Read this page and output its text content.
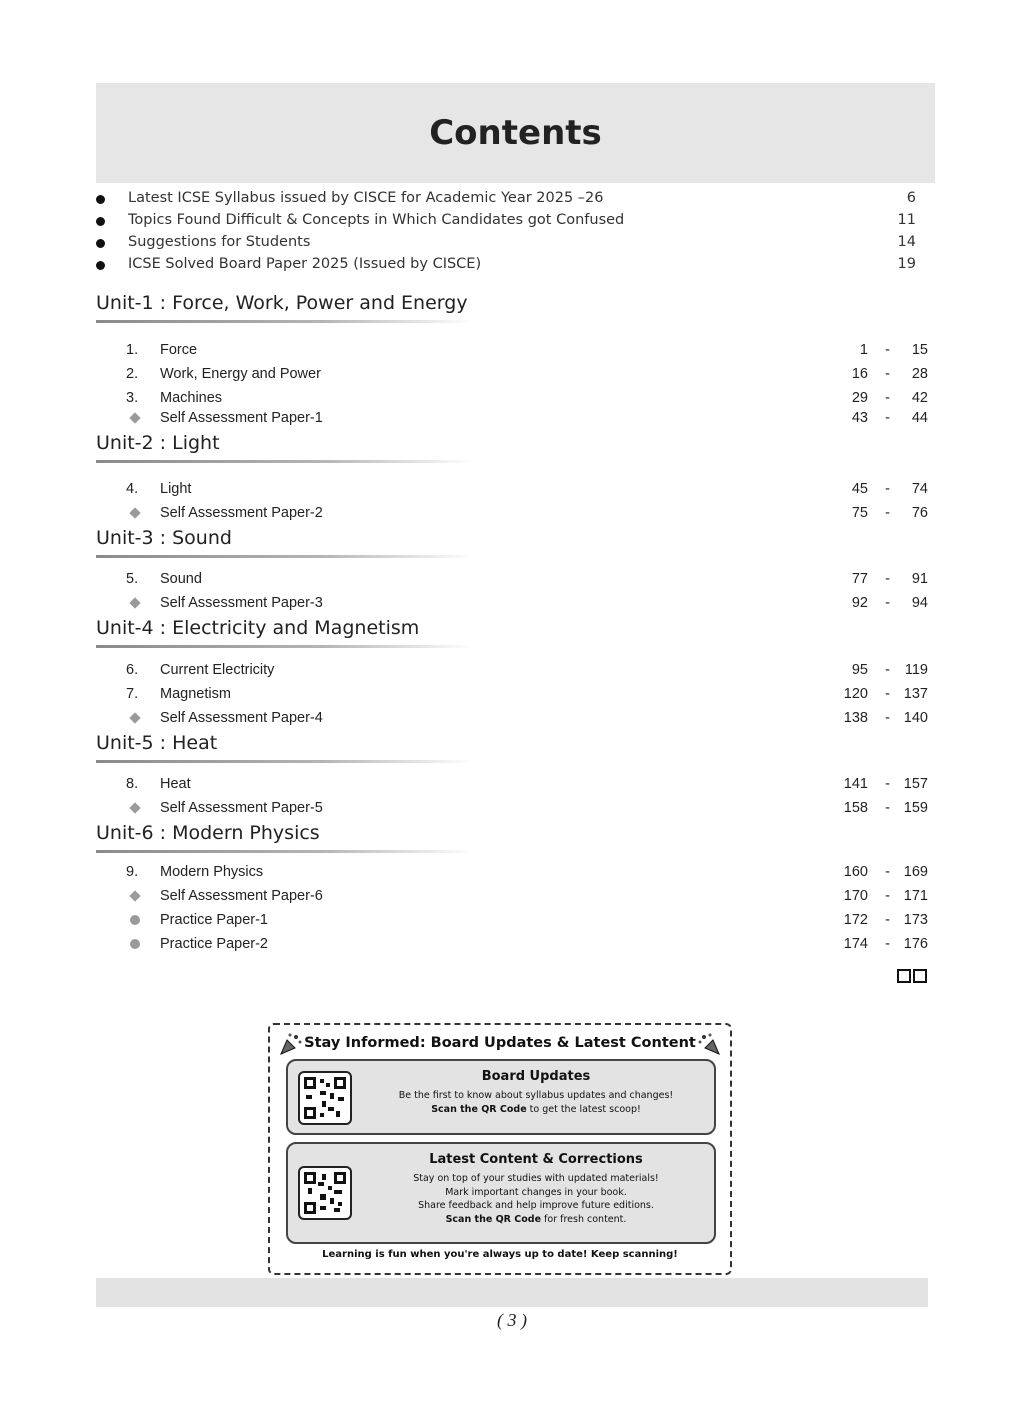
Contents
Latest ICSE Syllabus issued by CISCE for Academic Year 2025 –26	6
Topics Found Difficult & Concepts in Which Candidates got Confused	11
Suggestions for Students	14
ICSE Solved Board Paper 2025 (Issued by CISCE)	19
Unit-1 : Force, Work, Power and Energy
1. Force	1 - 15
2. Work, Energy and Power	16 - 28
3. Machines	29 - 42
Self Assessment Paper-1	43 - 44
Unit-2 : Light
4. Light	45 - 74
Self Assessment Paper-2	75 - 76
Unit-3 : Sound
5. Sound	77 - 91
Self Assessment Paper-3	92 - 94
Unit-4 : Electricity and Magnetism
6. Current Electricity	95 - 119
7. Magnetism	120 - 137
Self Assessment Paper-4	138 - 140
Unit-5 : Heat
8. Heat	141 - 157
Self Assessment Paper-5	158 - 159
Unit-6 : Modern Physics
9. Modern Physics	160 - 169
Self Assessment Paper-6	170 - 171
Practice Paper-1	172 - 173
Practice Paper-2	174 - 176
Stay Informed: Board Updates & Latest Content
Board Updates
Be the first to know about syllabus updates and changes!
Scan the QR Code to get the latest scoop!
Latest Content & Corrections
Stay on top of your studies with updated materials!
Mark important changes in your book.
Share feedback and help improve future editions.
Scan the QR Code for fresh content.
Learning is fun when you're always up to date! Keep scanning!
( 3 )
